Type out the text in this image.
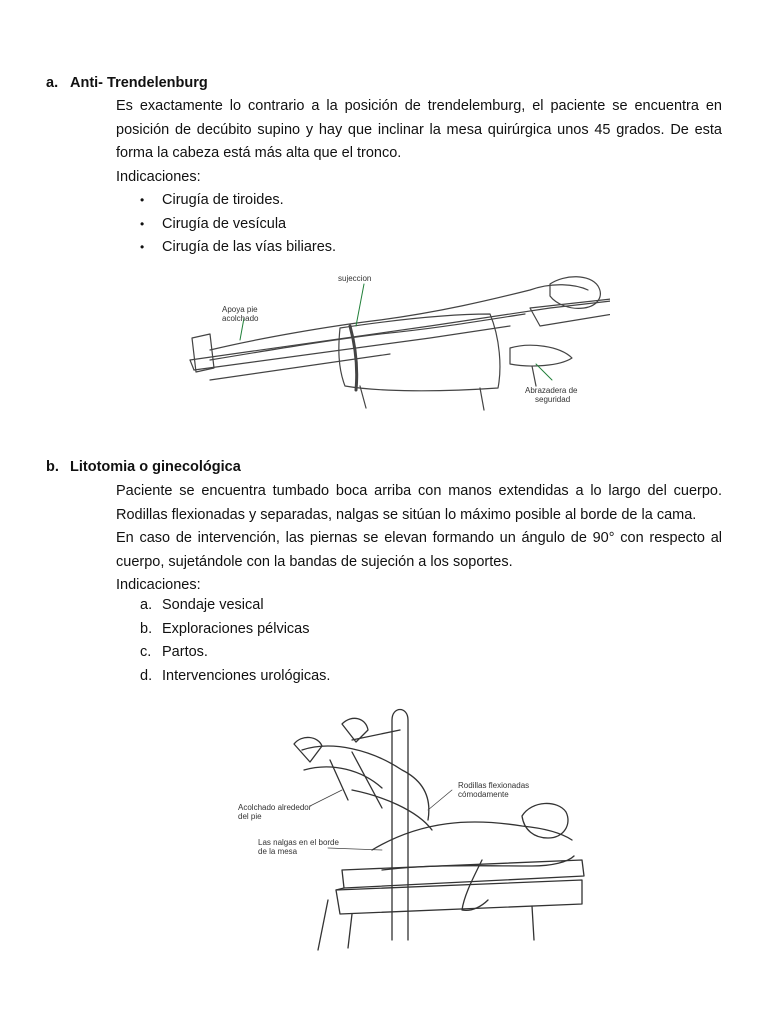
a. Anti- Trendelenburg
Es exactamente lo contrario a la posición de trendelemburg, el paciente se encuentra en
posición de decúbito supino y hay que inclinar la mesa quirúrgica unos 45 grados. De esta
forma la cabeza está más alta que el tronco.
Indicaciones:
• Cirugía de tiroides.
• Cirugía de vesícula
• Cirugía de las vías biliares.
sujeccion
Apoya pie
acolchado
Abrazadera de
seguridad
b. Litotomia o ginecológica
Paciente se encuentra tumbado boca arriba con manos extendidas a lo largo del cuerpo.
Rodillas flexionadas y separadas, nalgas se sitúan lo máximo posible al borde de la cama.
En caso de intervención, las piernas se elevan formando un ángulo de 90° con respecto al
cuerpo, sujetándole con la bandas de sujeción a los soportes.
Indicaciones:
a. Sondaje vesical
b. Exploraciones pélvicas
c. Partos.
d. Intervenciones urológicas.
Acolchado alrededor
del pie
Las nalgas en el borde
de la mesa
Rodillas flexionadas
cómodamente
